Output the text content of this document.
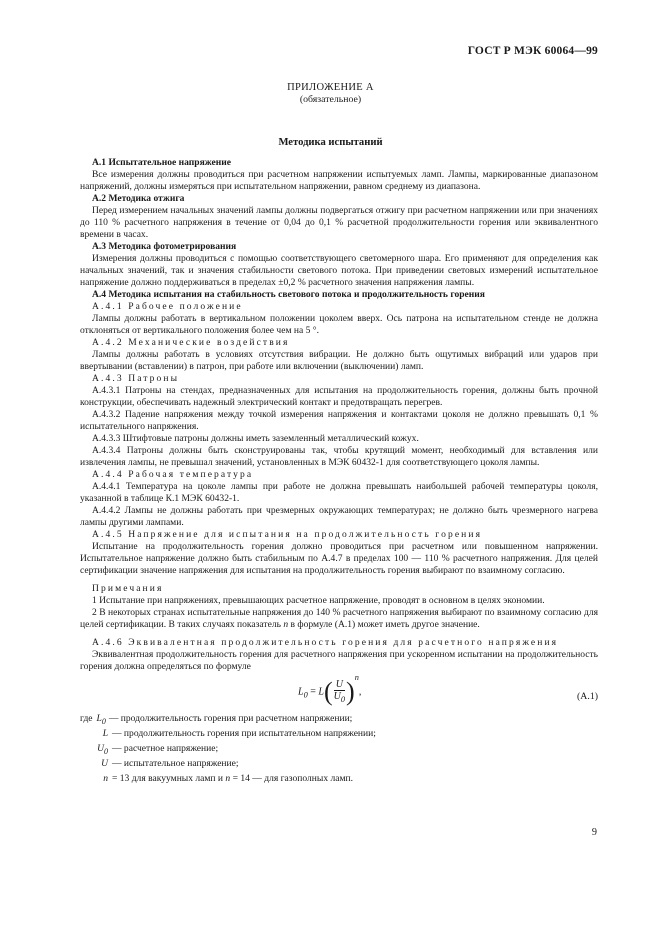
ГОСТ Р МЭК 60064—99
ПРИЛОЖЕНИЕ А
(обязательное)
Методика испытаний

А.1 Испытательное напряжение

Все измерения должны проводиться при расчетном напряжении испытуемых ламп. Лампы, маркированные диапазоном напряжений, должны измеряться при испытательном напряжении, равном среднему из диапазона.

А.2 Методика отжига

Перед измерением начальных значений лампы должны подвергаться отжигу при расчетном напряжении или при значениях до 110 % расчетного напряжения в течение от 0,04 до 0,1 % расчетной продолжительности горения или эквивалентного времени в часах.

А.3 Методика фотометрирования

Измерения должны проводиться с помощью соответствующего светомерного шара. Его применяют для определения как начальных значений, так и значения стабильности светового потока. При приведении световых измерений испытательное напряжение должно поддерживаться в пределах ±0,2 % расчетного значения напряжения лампы.

А.4 Методика испытания на стабильность светового потока и продолжительность горения

А.4.1 Рабочее положение

Лампы должны работать в вертикальном положении цоколем вверх. Ось патрона на испытательном стенде не должна отклоняться от вертикального положения более чем на 5 °.

А.4.2 Механические воздействия

Лампы должны работать в условиях отсутствия вибрации. Не должно быть ощутимых вибраций или ударов при ввертывании (вставлении) в патрон, при работе или включении (выключении) ламп.

А.4.3 Патроны

А.4.3.1 Патроны на стендах, предназначенных для испытания на продолжительность горения, должны быть прочной конструкции, обеспечивать надежный электрический контакт и предотвращать перегрев.

А.4.3.2 Падение напряжения между точкой измерения напряжения и контактами цоколя не должно превышать 0,1 % испытательного напряжения.

А.4.3.3 Штифтовые патроны должны иметь заземленный металлический кожух.

А.4.3.4 Патроны должны быть сконструированы так, чтобы крутящий момент, необходимый для вставления или извлечения лампы, не превышал значений, установленных в МЭК 60432-1 для соответствующего цоколя лампы.

А.4.4 Рабочая температура

А.4.4.1 Температура на цоколе лампы при работе не должна превышать наибольшей рабочей температуры цоколя, указанной в таблице К.1 МЭК 60432-1.

А.4.4.2 Лампы не должны работать при чрезмерных окружающих температурах; не должно быть чрезмерного нагрева лампы другими лампами.

А.4.5 Напряжение для испытания на продолжительность горения

Испытание на продолжительность горения должно проводиться при расчетном или повышенном напряжении. Испытательное напряжение должно быть стабильным по А.4.7 в пределах 100 — 110 % расчетного напряжения. Для целей сертификации значение напряжения для испытания на продолжительность горения выбирают по взаимному согласию.

Примечания

1 Испытание при напряжениях, превышающих расчетное напряжение, проводят в основном в целях экономии.

2 В некоторых странах испытательные напряжения до 140 % расчетного напряжения выбирают по взаимному согласию для целей сертификации. В таких случаях показатель n в формуле (А.1) может иметь другое значение.

А.4.6 Эквивалентная продолжительность горения для расчетного напряжения

Эквивалентная продолжительность горения для расчетного напряжения при ускоренном испытании на продолжительность горения должна определяться по формуле

$L_0 = L( \frac{U}{U_0} )^n$,	(А.1)
где $L_0$ — продолжительность горения при расчетном напряжении;
L — продолжительность горения при испытательном напряжении;
$U_0$ — расчетное напряжение;
U — испытательное напряжение;
n = 13 для вакуумных ламп и n = 14 — для газополных ламп.
9
